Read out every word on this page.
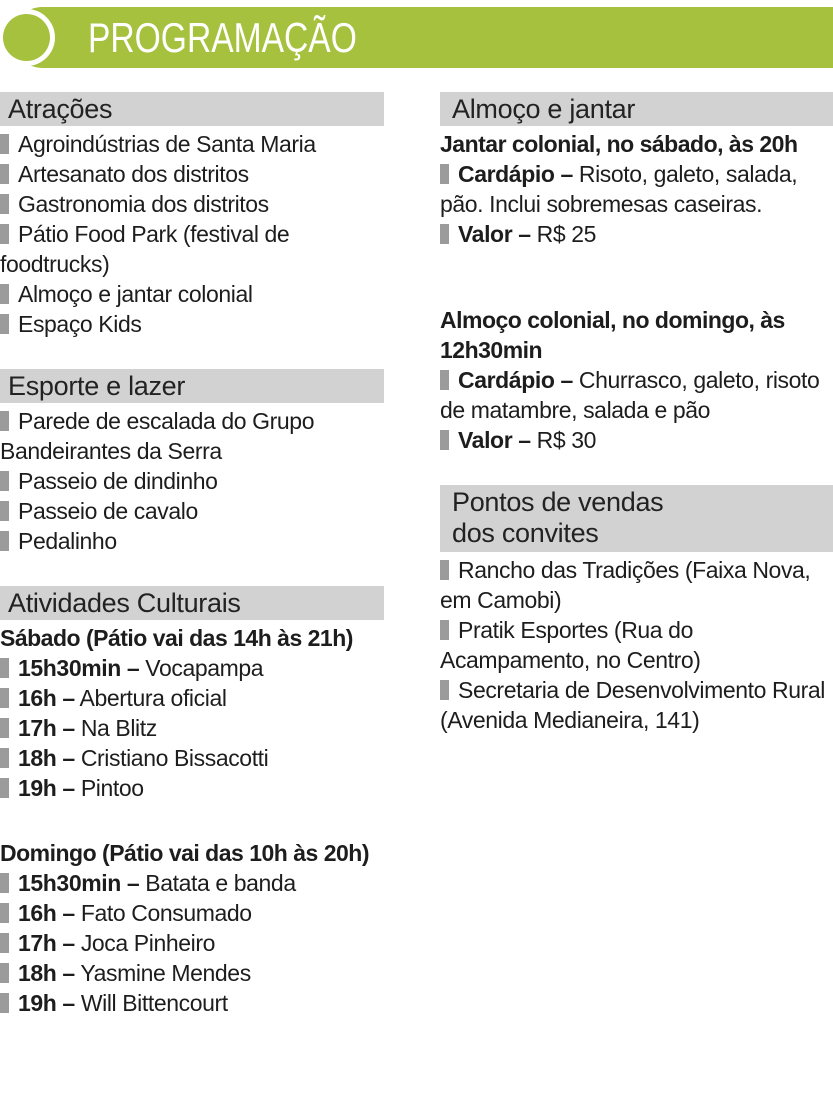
PROGRAMAÇÃO
Atrações

Agroindústrias de Santa Maria

Artesanato dos distritos

Gastronomia dos distritos

Pátio Food Park (festival de foodtrucks)

Almoço e jantar colonial

Espaço Kids

Esporte e lazer

Parede de escalada do Grupo Bandeirantes da Serra

Passeio de dindinho

Passeio de cavalo

Pedalinho

Atividades Culturais

Sábado (Pátio vai das 14h às 21h)

15h30min – Vocapampa

16h – Abertura oficial

17h – Na Blitz

18h – Cristiano Bissacotti

19h – Pintoo

Domingo (Pátio vai das 10h às 20h)

15h30min – Batata e banda

16h – Fato Consumado

17h – Joca Pinheiro

18h – Yasmine Mendes

19h – Will Bittencourt

Almoço e jantar

Jantar colonial, no sábado, às 20h

Cardápio – Risoto, galeto, salada, pão. Inclui sobremesas caseiras.

Valor – R$ 25

Almoço colonial, no domingo, às 12h30min

Cardápio – Churrasco, galeto, risoto de matambre, salada e pão

Valor – R$ 30

Pontos de vendas
dos convites

Rancho das Tradições (Faixa Nova, em Camobi)

Pratik Esportes (Rua do Acampamento, no Centro)

Secretaria de Desenvolvimento Rural (Avenida Medianeira, 141)
